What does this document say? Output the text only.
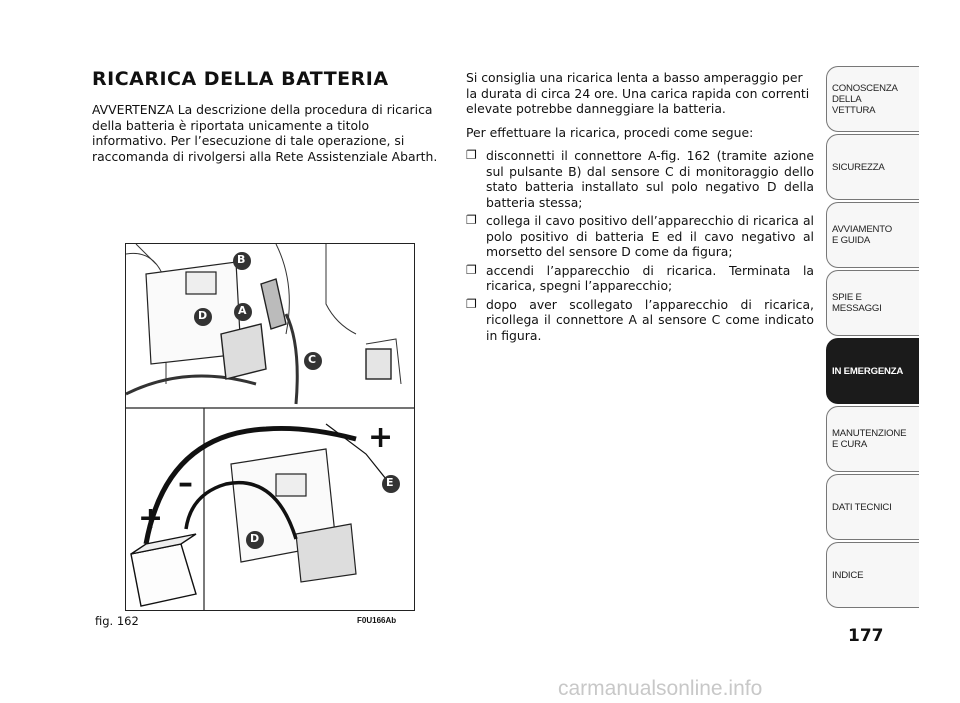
RICARICA DELLA BATTERIA

AVVERTENZA La descrizione della procedura di ricarica della batteria è riportata unicamente a titolo informativo. Per l’esecuzione di tale operazione, si raccomanda di rivolgersi alla Rete Assistenziale Abarth.

Si consiglia una ricarica lenta a basso amperaggio per la durata di circa 24 ore. Una carica rapida con correnti elevate potrebbe danneggiare la batteria.

Per effettuare la ricarica, procedi come segue:

❐ disconnetti il connettore A-fig. 162 (tramite azione sul pulsante B) dal sensore C di monitoraggio dello stato batteria installato sul polo negativo D della batteria stessa;
❐ collega il cavo positivo dell’apparecchio di ricarica al polo positivo di batteria E ed il cavo negativo al morsetto del sensore D come da figura;
❐ accendi l’apparecchio di ricarica. Terminata la ricarica, spegni l’apparecchio;
❐ dopo aver scollegato l’apparecchio di ricarica, ricollega il connettore A al sensore C come indicato in figura.
B
A
D
C
E
D
+
–
+
fig. 162	F0U166Ab
CONOSCENZA
DELLA
VETTURA
SICUREZZA
AVVIAMENTO
E GUIDA
SPIE E
MESSAGGI
IN EMERGENZA
MANUTENZIONE
E CURA
DATI TECNICI
INDICE
177
carmanualsonline.info
